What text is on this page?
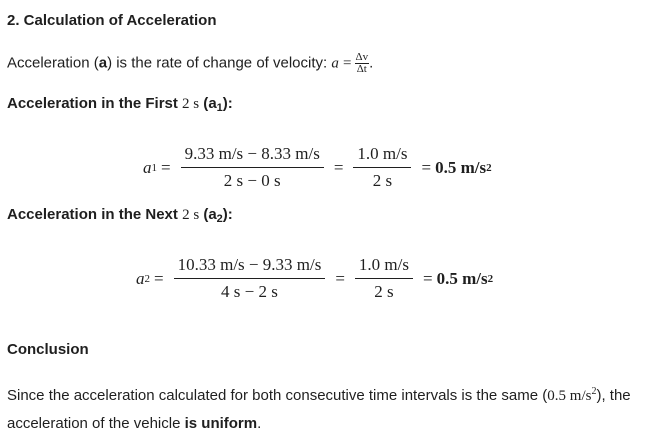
2. Calculation of Acceleration
Acceleration (a) is the rate of change of velocity: $a = \frac{\Delta v}{\Delta t}$ .
Acceleration in the First 2 s $(a_1)$:
a $1 = \frac{9.33 m/s - 8.33 m/s}{2 s - 0 s} = \frac{1.0 m/s}{2 s} = 0.5$ m/s 2
Acceleration in the Next 2 s $(a_2)$:
a $2 = \frac{10.33 m/s - 9.33 m/s}{4 s - 2 s} = \frac{1.0 m/s}{2 s} = 0.5$ m/s 2
Conclusion
Since the acceleration calculated for both consecutive time intervals is the same (0.5 $m/s^2$), the acceleration of the vehicle is uniform.
